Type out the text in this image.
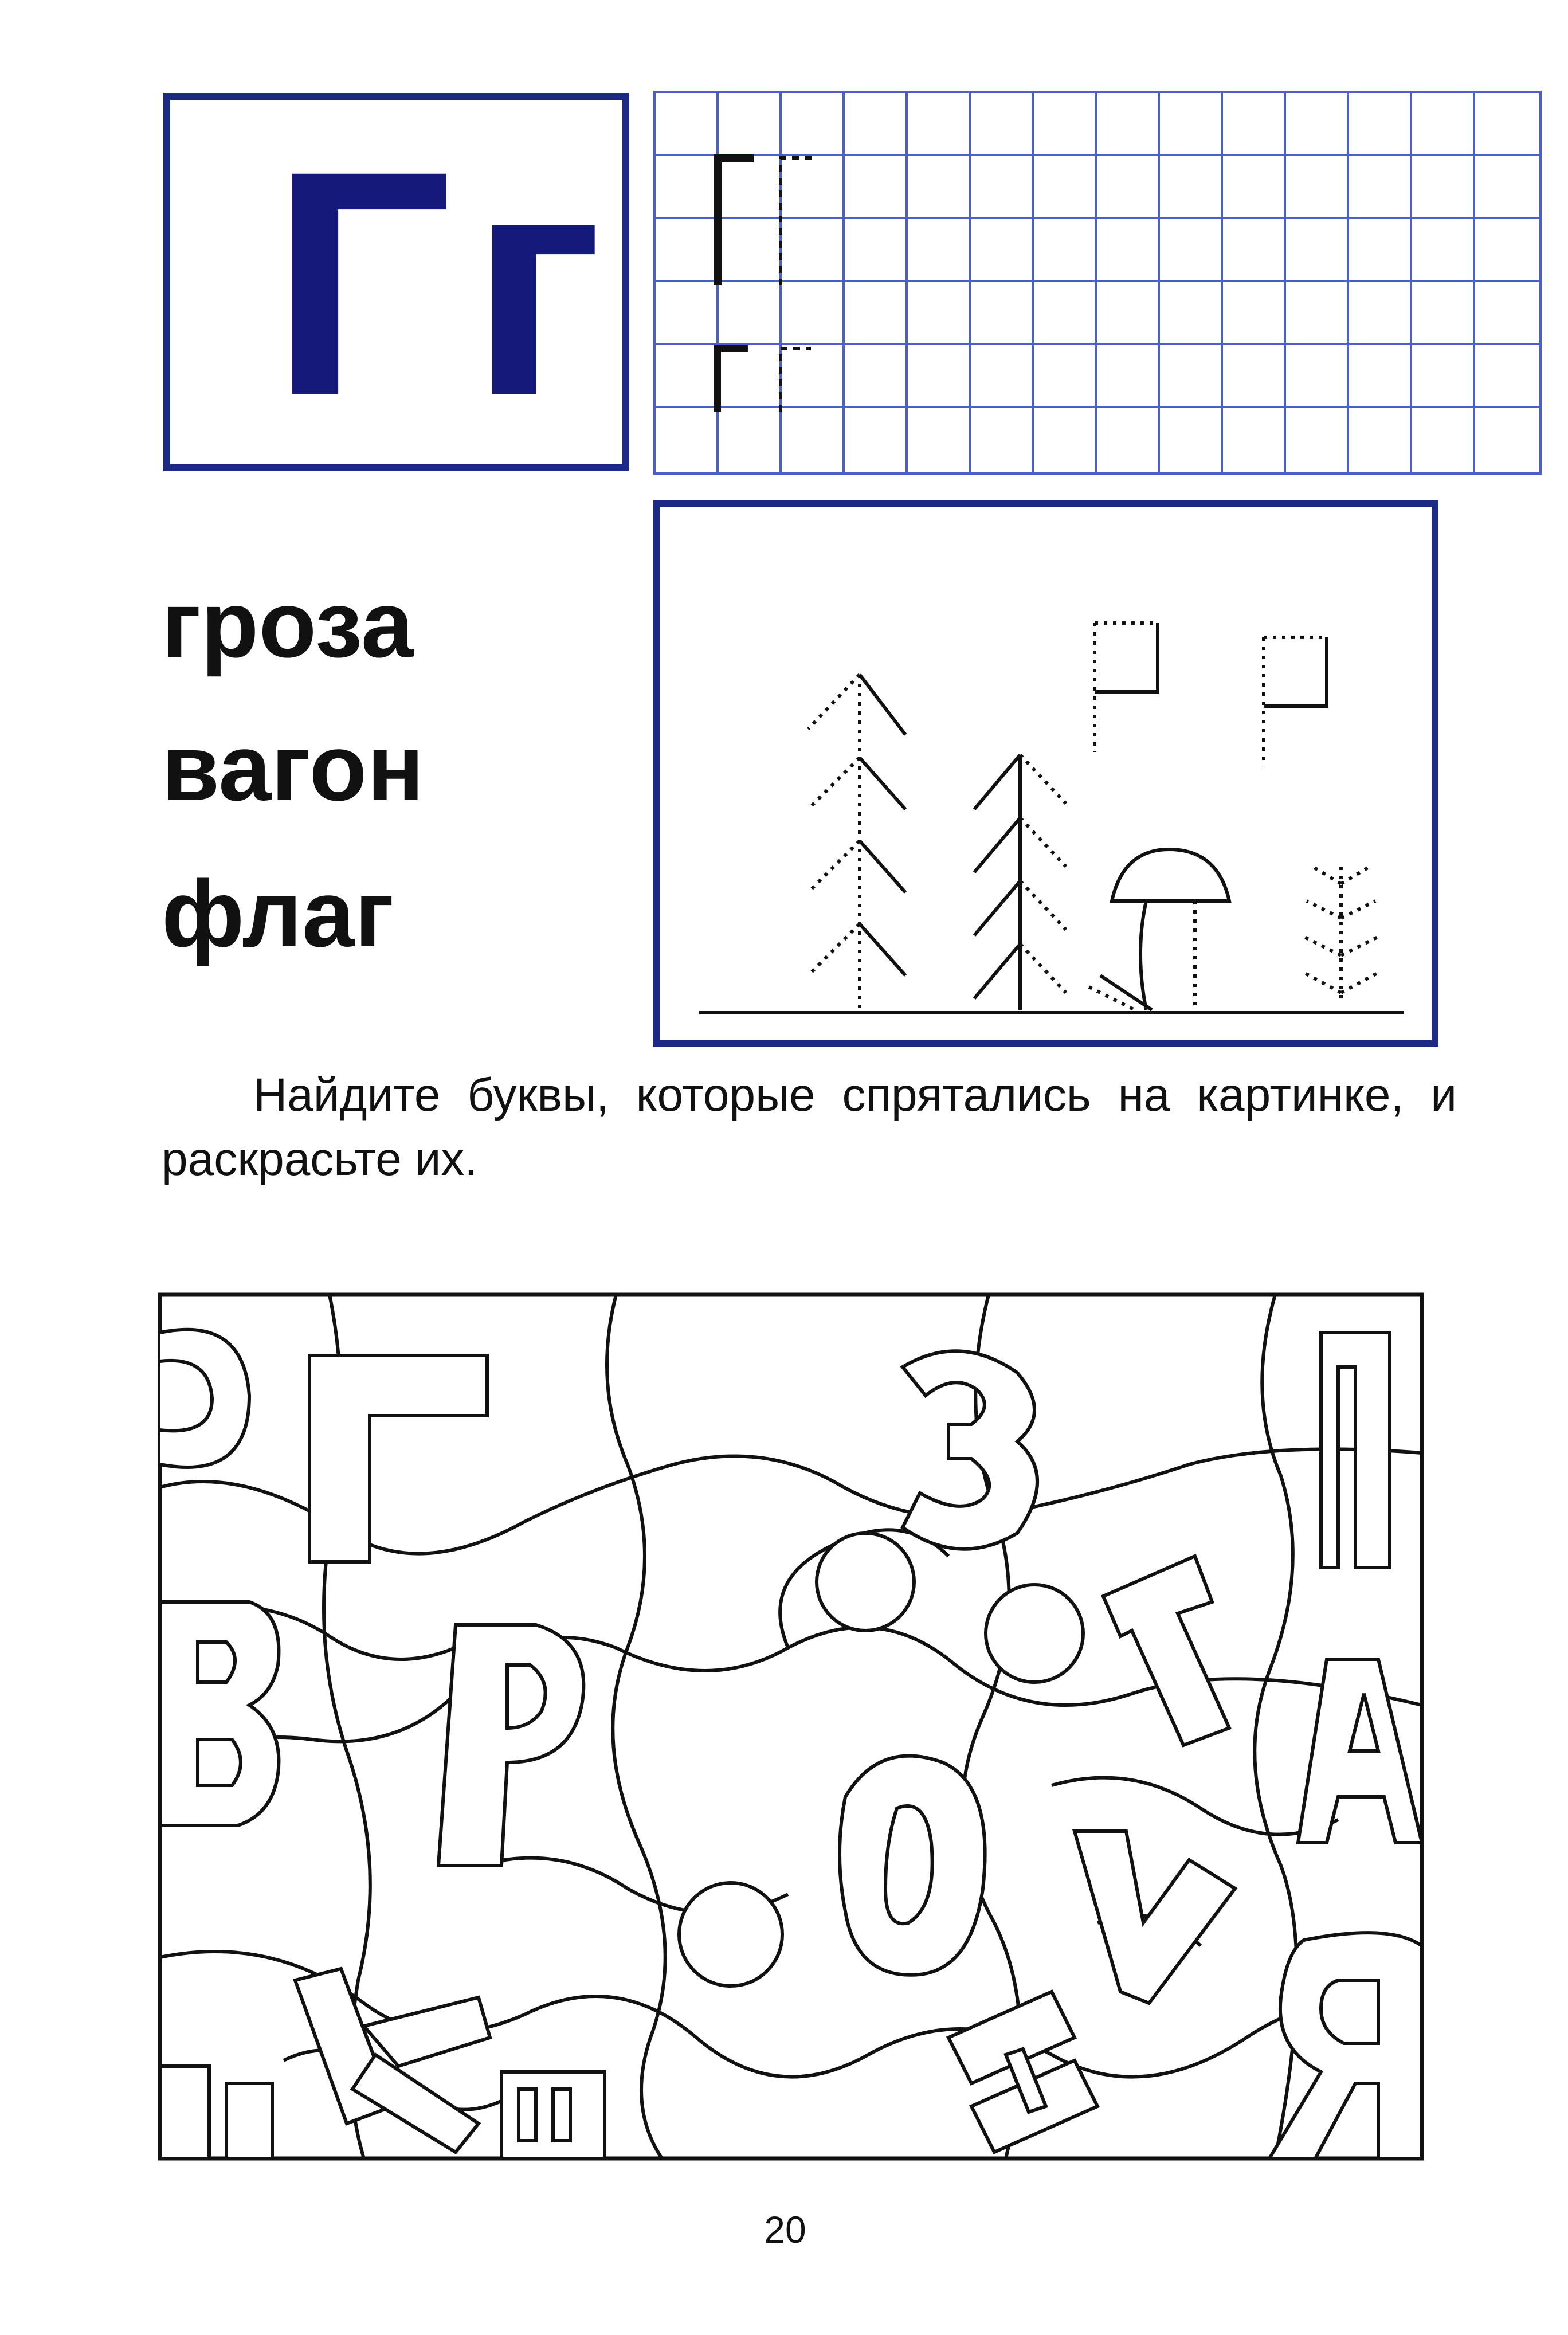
Гг
гроза
вагон
флаг
Найдите буквы, которые спрятались на картинке, и раскрасьте их.
20
